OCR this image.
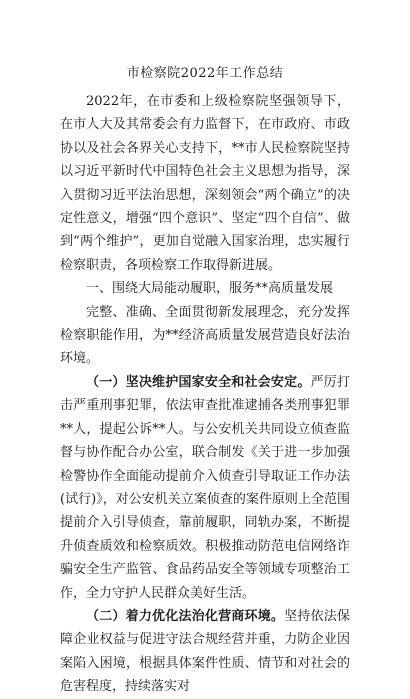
市检察院2022年工作总结

2022年，在市委和上级检察院坚强领导下，在市人大及其常委会有力监督下，在市政府、市政协以及社会各界关心支持下，**市人民检察院坚持以习近平新时代中国特色社会主义思想为指导，深入贯彻习近平法治思想，深刻领会“两个确立”的决定性意义，增强“四个意识”、坚定“四个自信”、做到“两个维护”，更加自觉融入国家治理，忠实履行检察职责，各项检察工作取得新进展。

一、围绕大局能动履职，服务**高质量发展

完整、准确、全面贯彻新发展理念，充分发挥检察职能作用，为**经济高质量发展营造良好法治环境。

（一）坚决维护国家安全和社会安定。严厉打击严重刑事犯罪，依法审查批准逮捕各类刑事犯罪**人，提起公诉**人。与公安机关共同设立侦查监督与协作配合办公室，联合制发《关于进一步加强检警协作全面能动提前介入侦查引导取证工作办法(试行)》，对公安机关立案侦查的案件原则上全范围提前介入引导侦查，靠前履职，同轨办案，不断提升侦查质效和检察质效。积极推动防范电信网络诈骗安全生产监管、食品药品安全等领域专项整治工作，全力守护人民群众美好生活。

（二）着力优化法治化营商环境。坚持依法保障企业权益与促进守法合规经营并重，力防企业因案陷入困境，根据具体案件性质、情节和对社会的危害程度，持续落实对
